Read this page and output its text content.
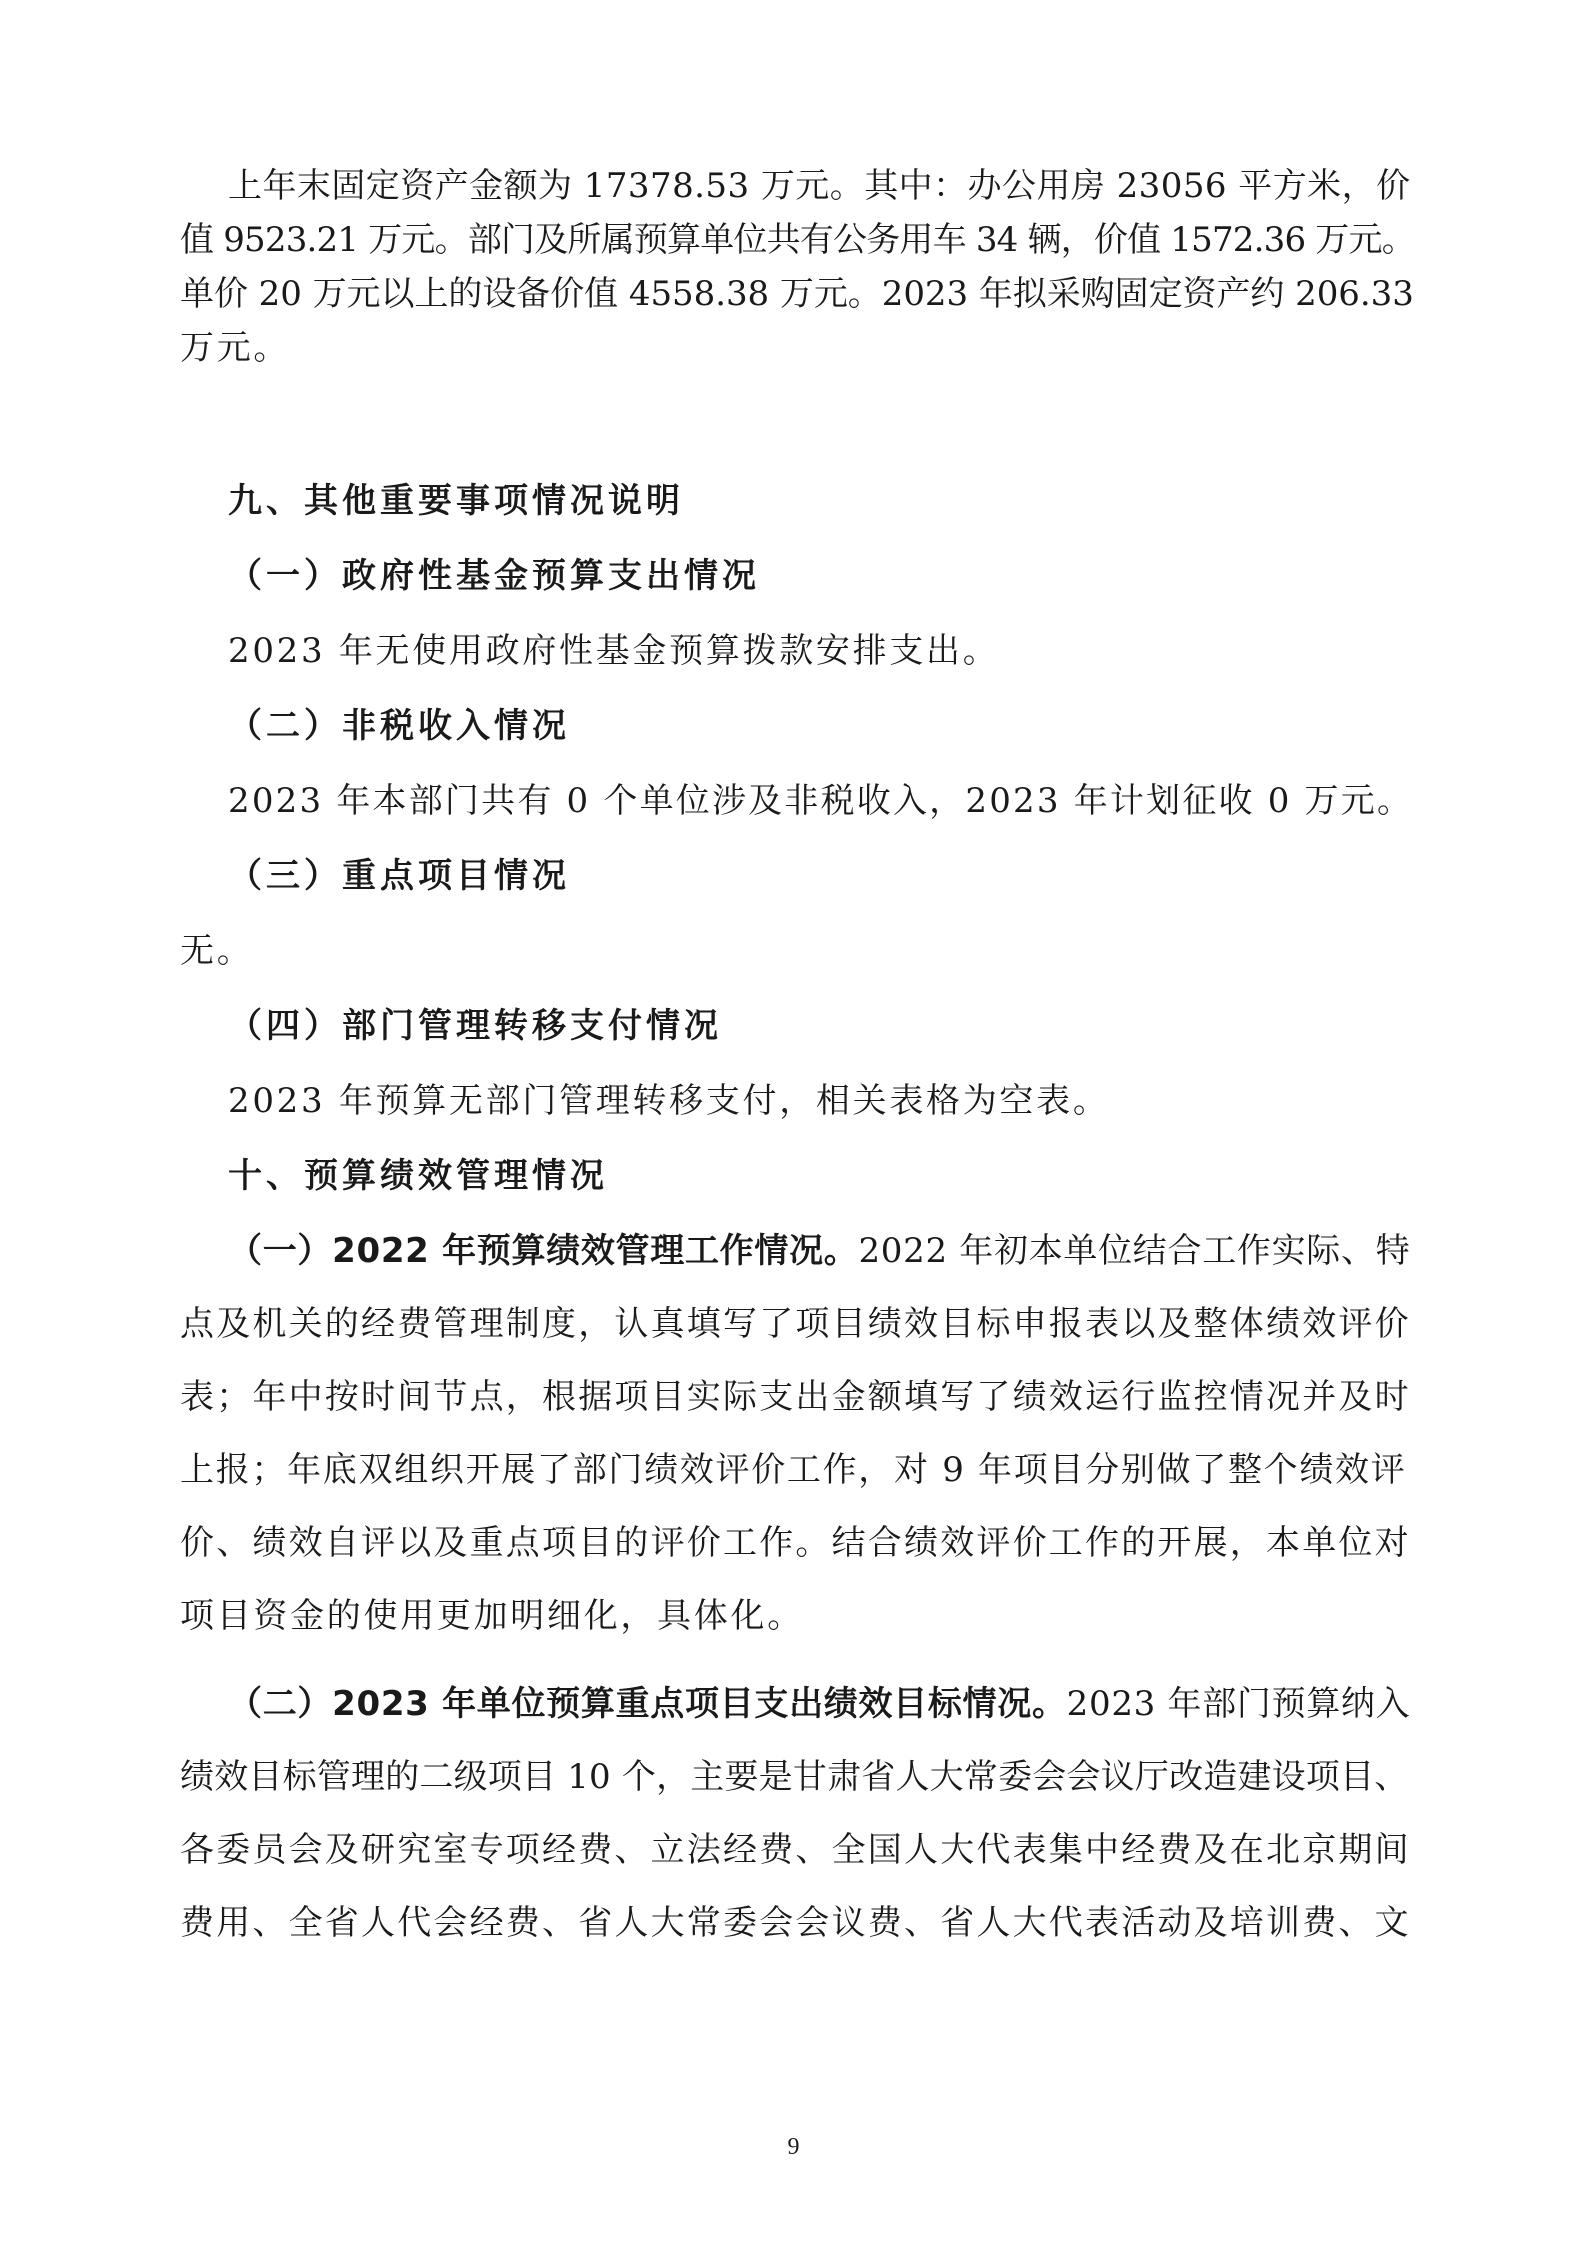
上年末固定资产金额为 17378.53 万元。其中：办公用房 23056 平方米，价
值 9523.21 万元。部门及所属预算单位共有公务用车 34 辆，价值 1572.36 万元。
单价 20 万元以上的设备价值 4558.38 万元。2023 年拟采购固定资产约 206.33
万元。
九、其他重要事项情况说明
（一）政府性基金预算支出情况
2023 年无使用政府性基金预算拨款安排支出。
（二）非税收入情况
2023 年本部门共有 0 个单位涉及非税收入，2023 年计划征收 0 万元。
（三）重点项目情况
无。
（四）部门管理转移支付情况
2023 年预算无部门管理转移支付，相关表格为空表。
十、预算绩效管理情况
（一）2022 年预算绩效管理工作情况。2022 年初本单位结合工作实际、特
点及机关的经费管理制度，认真填写了项目绩效目标申报表以及整体绩效评价
表；年中按时间节点，根据项目实际支出金额填写了绩效运行监控情况并及时
上报；年底双组织开展了部门绩效评价工作，对 9 年项目分别做了整个绩效评
价、绩效自评以及重点项目的评价工作。结合绩效评价工作的开展，本单位对
项目资金的使用更加明细化，具体化。
（二）2023 年单位预算重点项目支出绩效目标情况。2023 年部门预算纳入
绩效目标管理的二级项目 10 个，主要是甘肃省人大常委会会议厅改造建设项目、
各委员会及研究室专项经费、立法经费、全国人大代表集中经费及在北京期间
费用、全省人代会经费、省人大常委会会议费、省人大代表活动及培训费、文
9
